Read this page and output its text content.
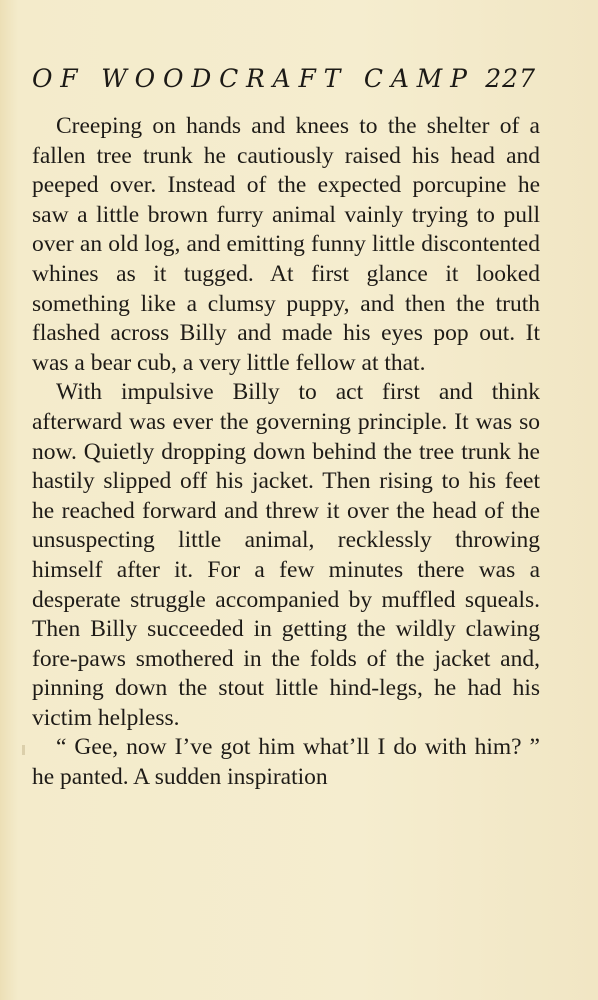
OF WOODCRAFT CAMP 227

Creeping on hands and knees to the shelter of a fallen tree trunk he cautiously raised his head and peeped over. Instead of the expected porcupine he saw a little brown furry animal vainly trying to pull over an old log, and emitting funny little discontented whines as it tugged. At first glance it looked something like a clumsy puppy, and then the truth flashed across Billy and made his eyes pop out. It was a bear cub, a very little fellow at that.

With impulsive Billy to act first and think afterward was ever the governing principle. It was so now. Quietly dropping down behind the tree trunk he hastily slipped off his jacket. Then rising to his feet he reached forward and threw it over the head of the unsuspecting little animal, recklessly throwing himself after it. For a few minutes there was a desperate struggle accompanied by muffled squeals. Then Billy succeeded in getting the wildly clawing fore-paws smothered in the folds of the jacket and, pinning down the stout little hind-legs, he had his victim helpless.

“ Gee, now I’ve got him what’ll I do with him? ” he panted. A sudden inspiration
